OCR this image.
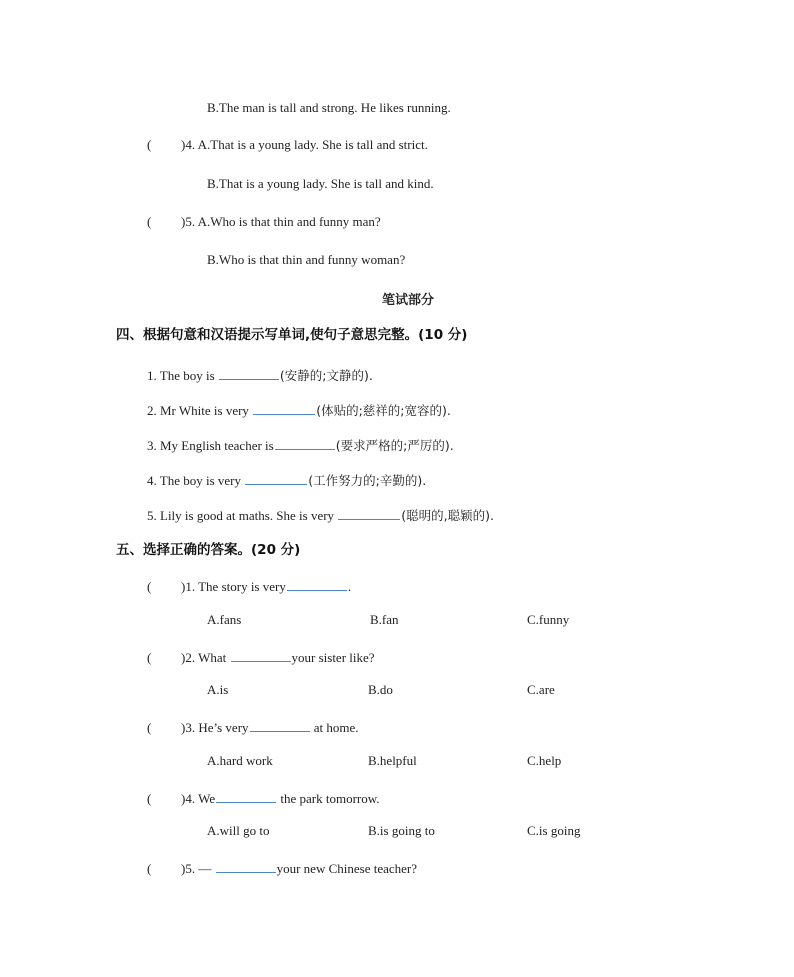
B.The man is tall and strong. He likes running.
( )4. A.That is a young lady. She is tall and strict.
B.That is a young lady. She is tall and kind.
( )5. A.Who is that thin and funny man?
B.Who is that thin and funny woman?
笔试部分
四、根据句意和汉语提示写单词,使句子意思完整。(10 分)
1. The boy is	(安静的;文静的).
2. Mr White is very	(体贴的;慈祥的;宽容的).
3. My English teacher is	(要求严格的;严厉的).
4. The boy is very	(工作努力的;辛勤的).
5. Lily is good at maths. She is very	(聪明的,聪颖的).
五、选择正确的答案。(20 分)
( )1. The story is very	.
A.fans	B.fan	C.funny
( )2. What	your sister like?
A.is	B.do	C.are
( )3. He’s very	at home.
A.hard work	B.helpful	C.help
( )4. We	the park tomorrow.
A.will go to	B.is going to	C.is going
( )5. —	your new Chinese teacher?
